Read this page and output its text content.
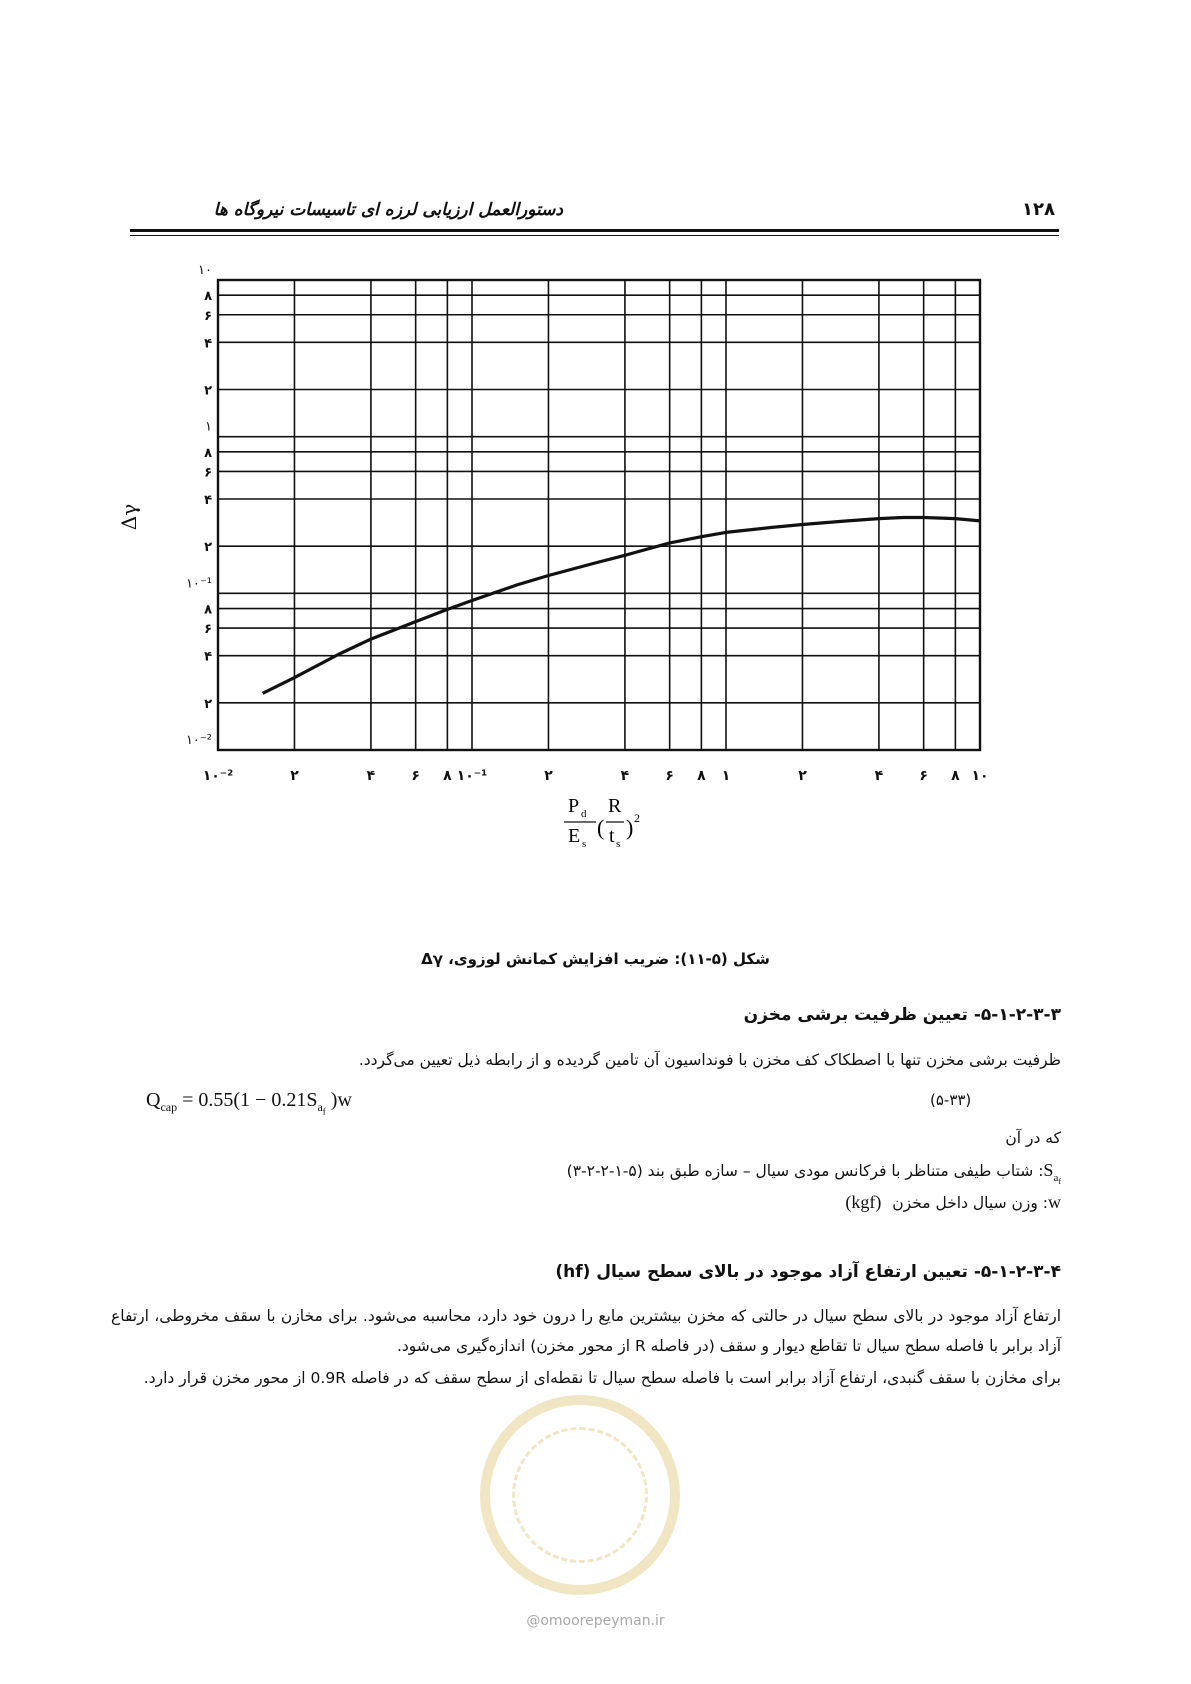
دستورالعمل ارزیابی لرزه ای تاسیسات نیروگاه ها	۱۲۸
Δγ
۱۰⁻²	۲	۴	۶ ۸ ۱۰⁻¹	۲	۴	۶ ۸ ۱	۲	۴	۶ ۸ ۱۰
۱۰
۸
۶
۴
۲
۱
۸
۶
۴
۲
۱۰⁻¹
۸
۶
۴
۲
۱۰⁻²
P d
E s
(
R
t s
) 2
شکل (۵-۱۱): ضریب افزایش کمانش لوزوی، Δγ
۵-۱-۲-۳-۳- تعیین ظرفیت برشی مخزن
ظرفیت برشی مخزن تنها با اصطکاک کف مخزن با فونداسیون آن تامین گردیده و از رابطه ذیل تعیین می‌گردد.
$Q_{cap} = 0.55(1 - 0.21S_{a_f}$ )w	(۵-۳۳)
که در آن
$S_{a_f}$: شتاب طیفی متناظر با فرکانس مودی سیال – سازه طبق بند (۵-۱-۲-۲-۳)
w: وزن سیال داخل مخزن (kgf)
۵-۱-۲-۳-۴- تعیین ارتفاع آزاد موجود در بالای سطح سیال (hf)
ارتفاع آزاد موجود در بالای سطح سیال در حالتی که مخزن بیشترین مایع را درون خود دارد، محاسبه می‌شود. برای مخازن با سقف مخروطی، ارتفاع آزاد برابر با فاصله سطح سیال تا تقاطع دیوار و سقف (در فاصله R از محور مخزن) اندازه‌گیری می‌شود.
برای مخازن با سقف گنبدی، ارتفاع آزاد برابر است با فاصله سطح سیال تا نقطه‌ای از سطح سقف که در فاصله 0.9R از محور مخزن قرار دارد.
@omoorepeyman.ir
